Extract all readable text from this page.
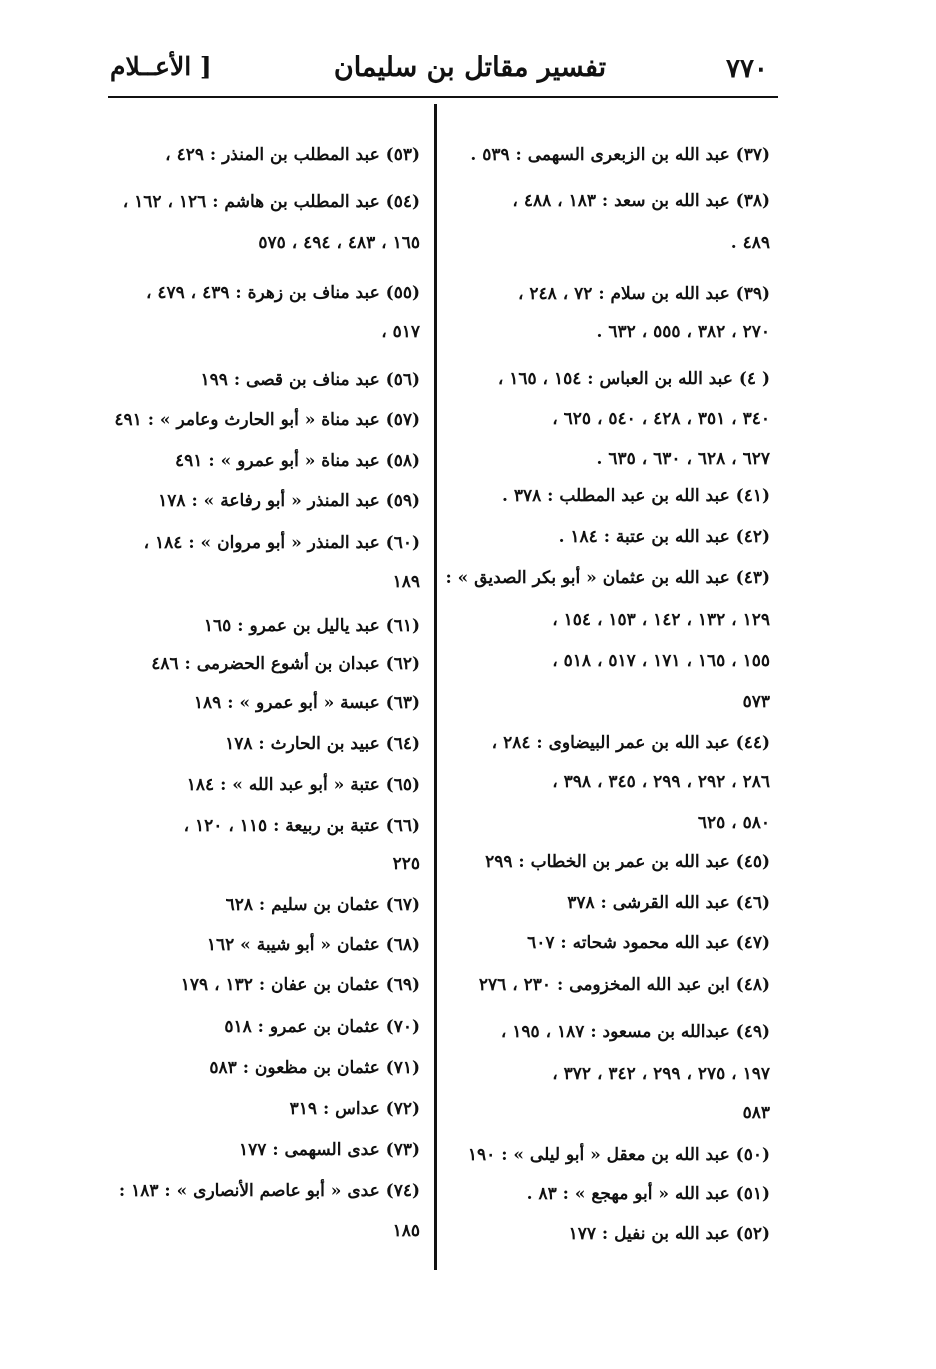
٧٧٠
تفسير مقاتل بن سليمان
[ الأعــلام
(٣٧) عبد الله بن الزبعرى السهمى : ٥٣٩ .
(٣٨) عبد الله بن سعد : ١٨٣ ، ٤٨٨ ،
٤٨٩ .
(٣٩) عبد الله بن سلام : ٧٢ ، ٢٤٨ ،
٢٧٠ ، ٣٨٢ ، ٥٥٥ ، ٦٣٢ .
( ٤) عبد الله بن العباس : ١٥٤ ، ١٦٥ ،
٣٤٠ ، ٣٥١ ، ٤٢٨ ، ٥٤٠ ، ٦٢٥ ،
٦٢٧ ، ٦٢٨ ، ٦٣٠ ، ٦٣٥ .
(٤١) عبد الله بن عبد المطلب : ٣٧٨ .
(٤٢) عبد الله بن عتبة : ١٨٤ .
(٤٣) عبد الله بن عثمان « أبو بكر الصديق » :
١٢٩ ، ١٣٢ ، ١٤٢ ، ١٥٣ ، ١٥٤ ،
١٥٥ ، ١٦٥ ، ١٧١ ، ٥١٧ ، ٥١٨ ،
٥٧٣
(٤٤) عبد الله بن عمر البيضاوى : ٢٨٤ ،
٢٨٦ ، ٢٩٢ ، ٢٩٩ ، ٣٤٥ ، ٣٩٨ ،
٥٨٠ ، ٦٢٥
(٤٥) عبد الله بن عمر بن الخطاب : ٢٩٩
(٤٦) عبد الله القرشى : ٣٧٨
(٤٧) عبد الله محمود شحاته : ٦٠٧
(٤٨) ابن عبد الله المخزومى : ٢٣٠ ، ٢٧٦
(٤٩) عبدالله بن مسعود : ١٨٧ ، ١٩٥ ،
١٩٧ ، ٢٧٥ ، ٢٩٩ ، ٣٤٢ ، ٣٧٢ ،
٥٨٣
(٥٠) عبد الله بن معقل « أبو ليلى » : ١٩٠
(٥١) عبد الله « أبو مهجع » : ٨٣ .
(٥٢) عبد الله بن نفيل : ١٧٧
(٥٣) عبد المطلب بن المنذر : ٤٢٩ ،
(٥٤) عبد المطلب بن هاشم : ١٢٦ ، ١٦٢ ،
١٦٥ ، ٤٨٣ ، ٤٩٤ ، ٥٧٥
(٥٥) عبد مناف بن زهرة : ٤٣٩ ، ٤٧٩ ،
٥١٧ ،
(٥٦) عبد مناف بن قصى : ١٩٩
(٥٧) عبد مناة « أبو الحارث وعامر » : ٤٩١
(٥٨) عبد مناة « أبو عمرو » : ٤٩١
(٥٩) عبد المنذر « أبو رفاعة » : ١٧٨
(٦٠) عبد المنذر « أبو مروان » : ١٨٤ ،
١٨٩
(٦١) عبد ياليل بن عمرو : ١٦٥
(٦٢) عبدان بن أشوع الحضرمى : ٤٨٦
(٦٣) عبسة « أبو عمرو » : ١٨٩
(٦٤) عبيد بن الحارث : ١٧٨
(٦٥) عتبة « أبو عبد الله » : ١٨٤
(٦٦) عتبة بن ربيعة : ١١٥ ، ١٢٠ ،
٢٢٥
(٦٧) عثمان بن سليم : ٦٢٨
(٦٨) عثمان « أبو شيبة » ١٦٢
(٦٩) عثمان بن عفان : ١٣٢ ، ١٧٩
(٧٠) عثمان بن عمرو : ٥١٨
(٧١) عثمان بن مظعون : ٥٨٣
(٧٢) عداس : ٣١٩
(٧٣) عدى السهمى : ١٧٧
(٧٤) عدى « أبو عاصم الأنصارى » : ١٨٣ :
١٨٥
